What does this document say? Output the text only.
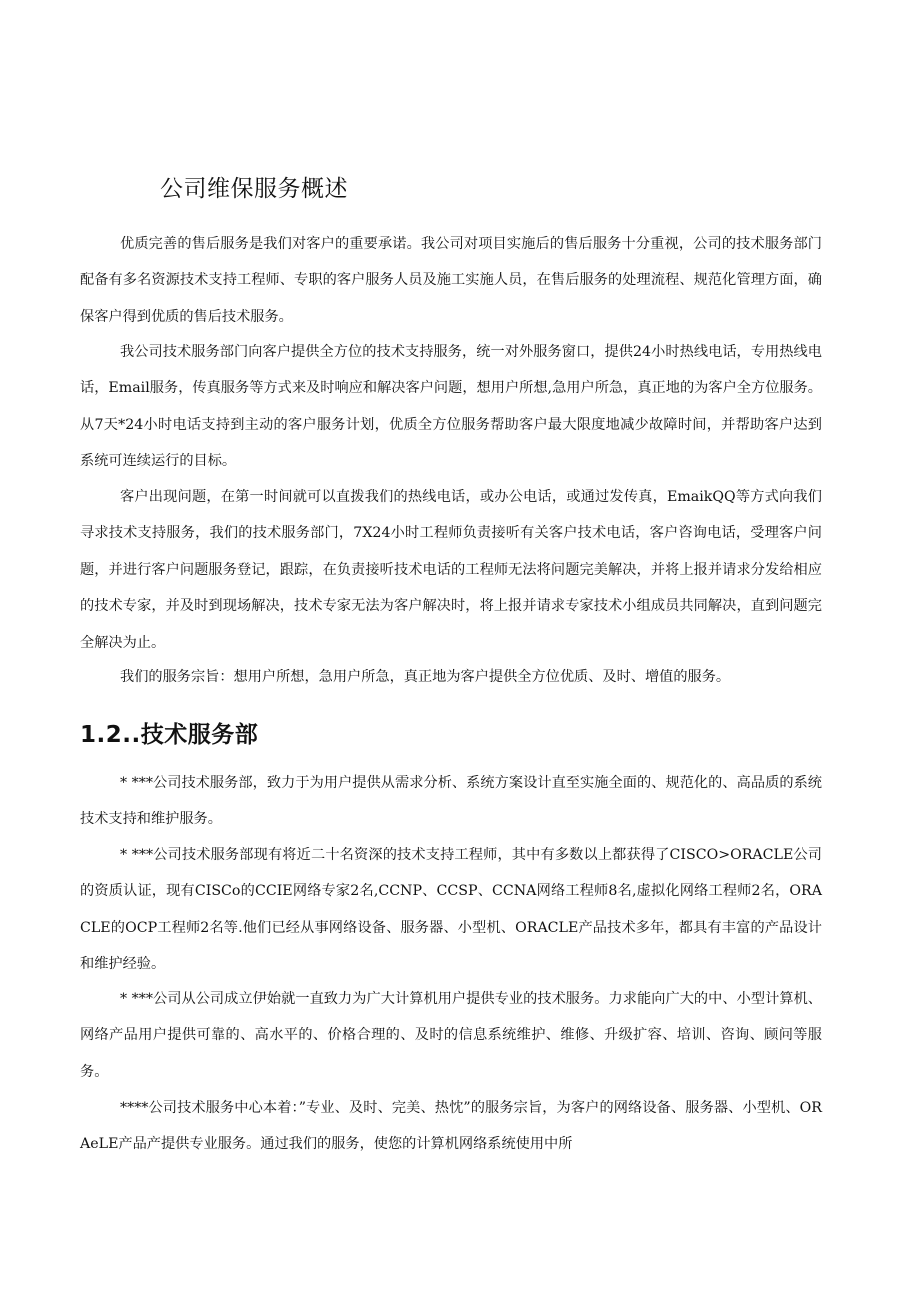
公司维保服务概述

优质完善的售后服务是我们对客户的重要承诺。我公司对项目实施后的售后服务十分重视，公司的技术服务部门配备有多名资源技术支持工程师、专职的客户服务人员及施工实施人员，在售后服务的处理流程、规范化管理方面，确保客户得到优质的售后技术服务。

我公司技术服务部门向客户提供全方位的技术支持服务，统一对外服务窗口，提供24小时热线电话，专用热线电话，Email服务，传真服务等方式来及时响应和解决客户问题，想用户所想,急用户所急，真正地的为客户全方位服务。从7天*24小时电话支持到主动的客户服务计划，优质全方位服务帮助客户最大限度地减少故障时间，并帮助客户达到系统可连续运行的目标。

客户出现问题，在第一时间就可以直拨我们的热线电话，或办公电话，或通过发传真，EmaikQQ等方式向我们寻求技术支持服务，我们的技术服务部门，7X24小时工程师负责接听有关客户技术电话，客户咨询电话，受理客户问题，并进行客户问题服务登记，跟踪，在负责接听技术电话的工程师无法将问题完美解决，并将上报并请求分发给相应的技术专家，并及时到现场解决，技术专家无法为客户解决时，将上报并请求专家技术小组成员共同解决，直到问题完全解决为止。

我们的服务宗旨：想用户所想，急用户所急，真正地为客户提供全方位优质、及时、增值的服务。

1.2..技术服务部

* ***公司技术服务部，致力于为用户提供从需求分析、系统方案设计直至实施全面的、规范化的、高品质的系统技术支持和维护服务。

* ***公司技术服务部现有将近二十名资深的技术支持工程师，其中有多数以上都获得了CISCO>ORACLE公司的资质认证，现有CISCo的CCIE网络专家2名,CCNP、CCSP、CCNA网络工程师8名,虚拟化网络工程师2名，ORACLE的OCP工程师2名等.他们已经从事网络设备、服务器、小型机、ORACLE产品技术多年，都具有丰富的产品设计和维护经验。

* ***公司从公司成立伊始就一直致力为广大计算机用户提供专业的技术服务。力求能向广大的中、小型计算机、网络产品用户提供可靠的、高水平的、价格合理的、及时的信息系统维护、维修、升级扩容、培训、咨询、顾问等服务。

****公司技术服务中心本着：”专业、及时、完美、热忱”的服务宗旨，为客户的网络设备、服务器、小型机、ORAeLE产品产提供专业服务。通过我们的服务，使您的计算机网络系统使用中所
